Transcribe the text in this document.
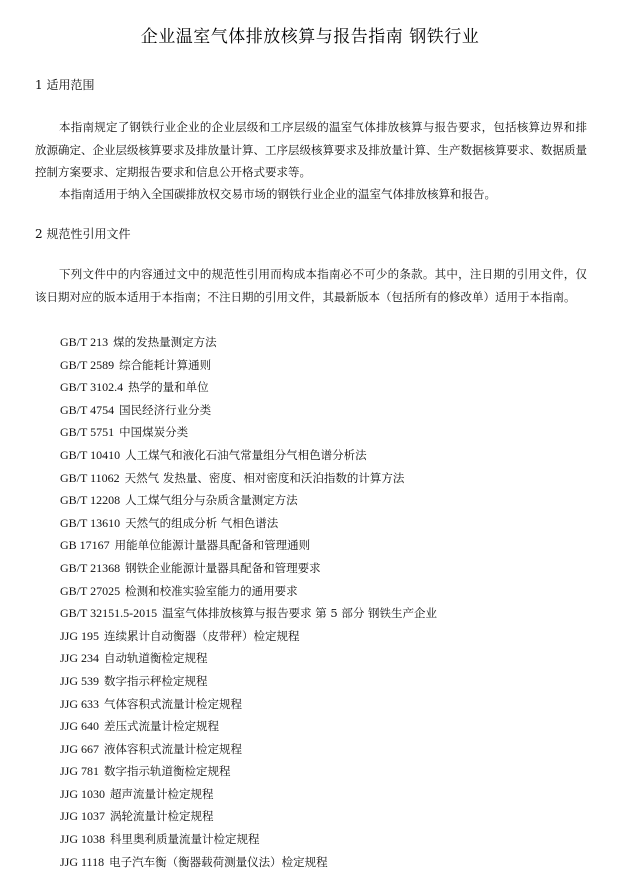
企业温室气体排放核算与报告指南 钢铁行业
1 适用范围

本指南规定了钢铁行业企业的企业层级和工序层级的温室气体排放核算与报告要求，包括核算边界和排放源确定、企业层级核算要求及排放量计算、工序层级核算要求及排放量计算、生产数据核算要求、数据质量控制方案要求、定期报告要求和信息公开格式要求等。

本指南适用于纳入全国碳排放权交易市场的钢铁行业企业的温室气体排放核算和报告。

2 规范性引用文件

下列文件中的内容通过文中的规范性引用而构成本指南必不可少的条款。其中，注日期的引用文件，仅该日期对应的版本适用于本指南；不注日期的引用文件，其最新版本（包括所有的修改单）适用于本指南。

GB/T 213 煤的发热量测定方法
GB/T 2589 综合能耗计算通则
GB/T 3102.4 热学的量和单位
GB/T 4754 国民经济行业分类
GB/T 5751 中国煤炭分类
GB/T 10410 人工煤气和液化石油气常量组分气相色谱分析法
GB/T 11062 天然气 发热量、密度、相对密度和沃泊指数的计算方法
GB/T 12208 人工煤气组分与杂质含量测定方法
GB/T 13610 天然气的组成分析 气相色谱法
GB 17167 用能单位能源计量器具配备和管理通则
GB/T 21368 钢铁企业能源计量器具配备和管理要求
GB/T 27025 检测和校准实验室能力的通用要求
GB/T 32151.5-2015 温室气体排放核算与报告要求 第 5 部分 钢铁生产企业
JJG 195 连续累计自动衡器（皮带秤）检定规程
JJG 234 自动轨道衡检定规程
JJG 539 数字指示秤检定规程
JJG 633 气体容积式流量计检定规程
JJG 640 差压式流量计检定规程
JJG 667 液体容积式流量计检定规程
JJG 781 数字指示轨道衡检定规程
JJG 1030 超声流量计检定规程
JJG 1037 涡轮流量计检定规程
JJG 1038 科里奥利质量流量计检定规程
JJG 1118 电子汽车衡（衡器载荷测量仪法）检定规程
